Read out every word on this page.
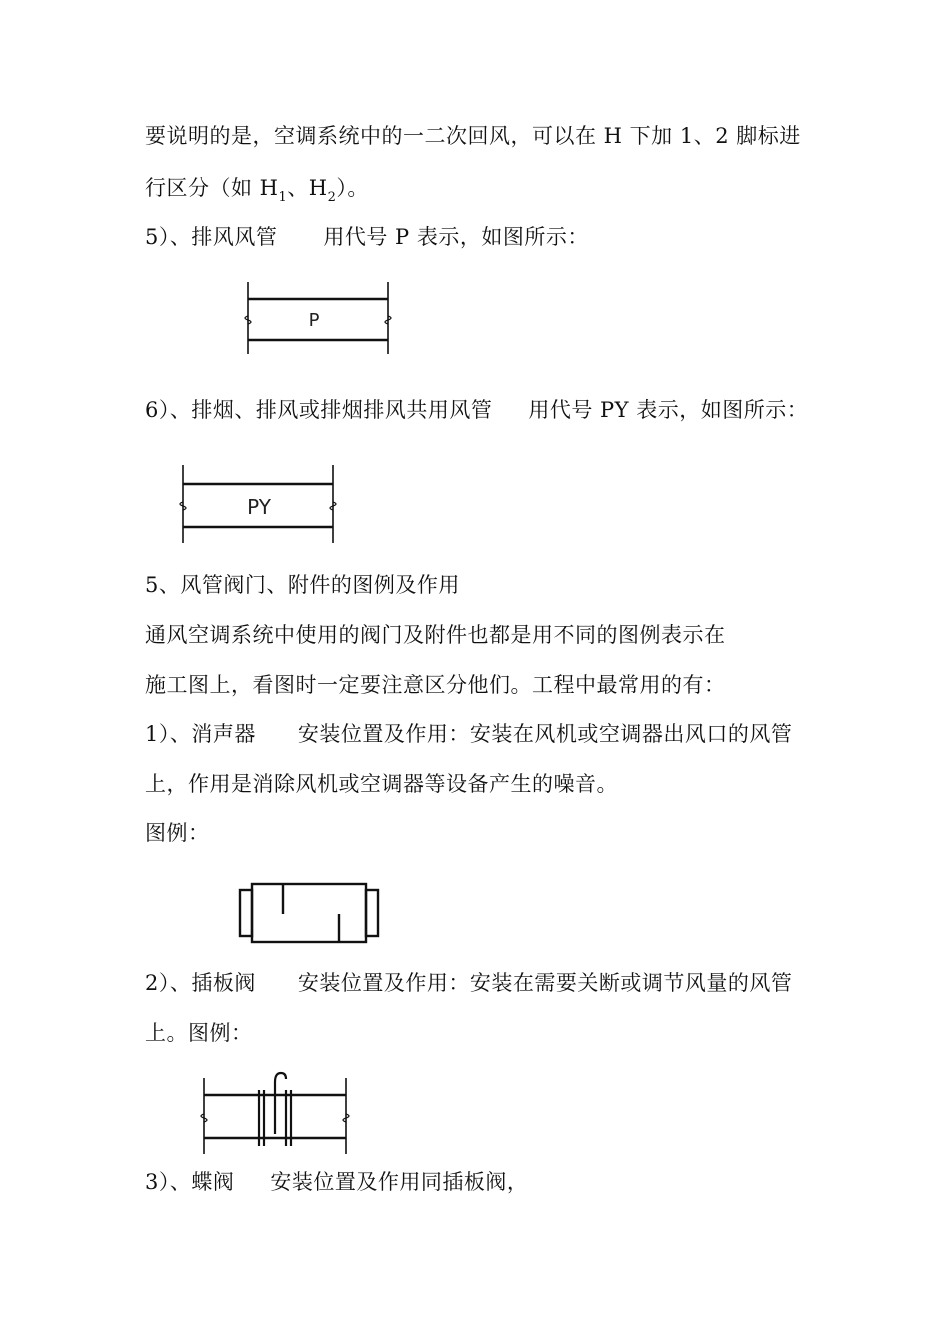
要说明的是，空调系统中的一二次回风，可以在 H 下加 1、2 脚标进
行区分（如 $H_1$、$H_2$）。
5）、排风风管 用代号 P 表示，如图所示：
P
6）、排烟、排风或排烟排风共用风管 用代号 PY 表示，如图所示：
PY
5、风管阀门、附件的图例及作用
通风空调系统中使用的阀门及附件也都是用不同的图例表示在
施工图上，看图时一定要注意区分他们。工程中最常用的有：
1）、消声器 安装位置及作用：安装在风机或空调器出风口的风管
上，作用是消除风机或空调器等设备产生的噪音。
图例：
2）、插板阀 安装位置及作用：安装在需要关断或调节风量的风管
上。图例：
3）、蝶阀 安装位置及作用同插板阀，
